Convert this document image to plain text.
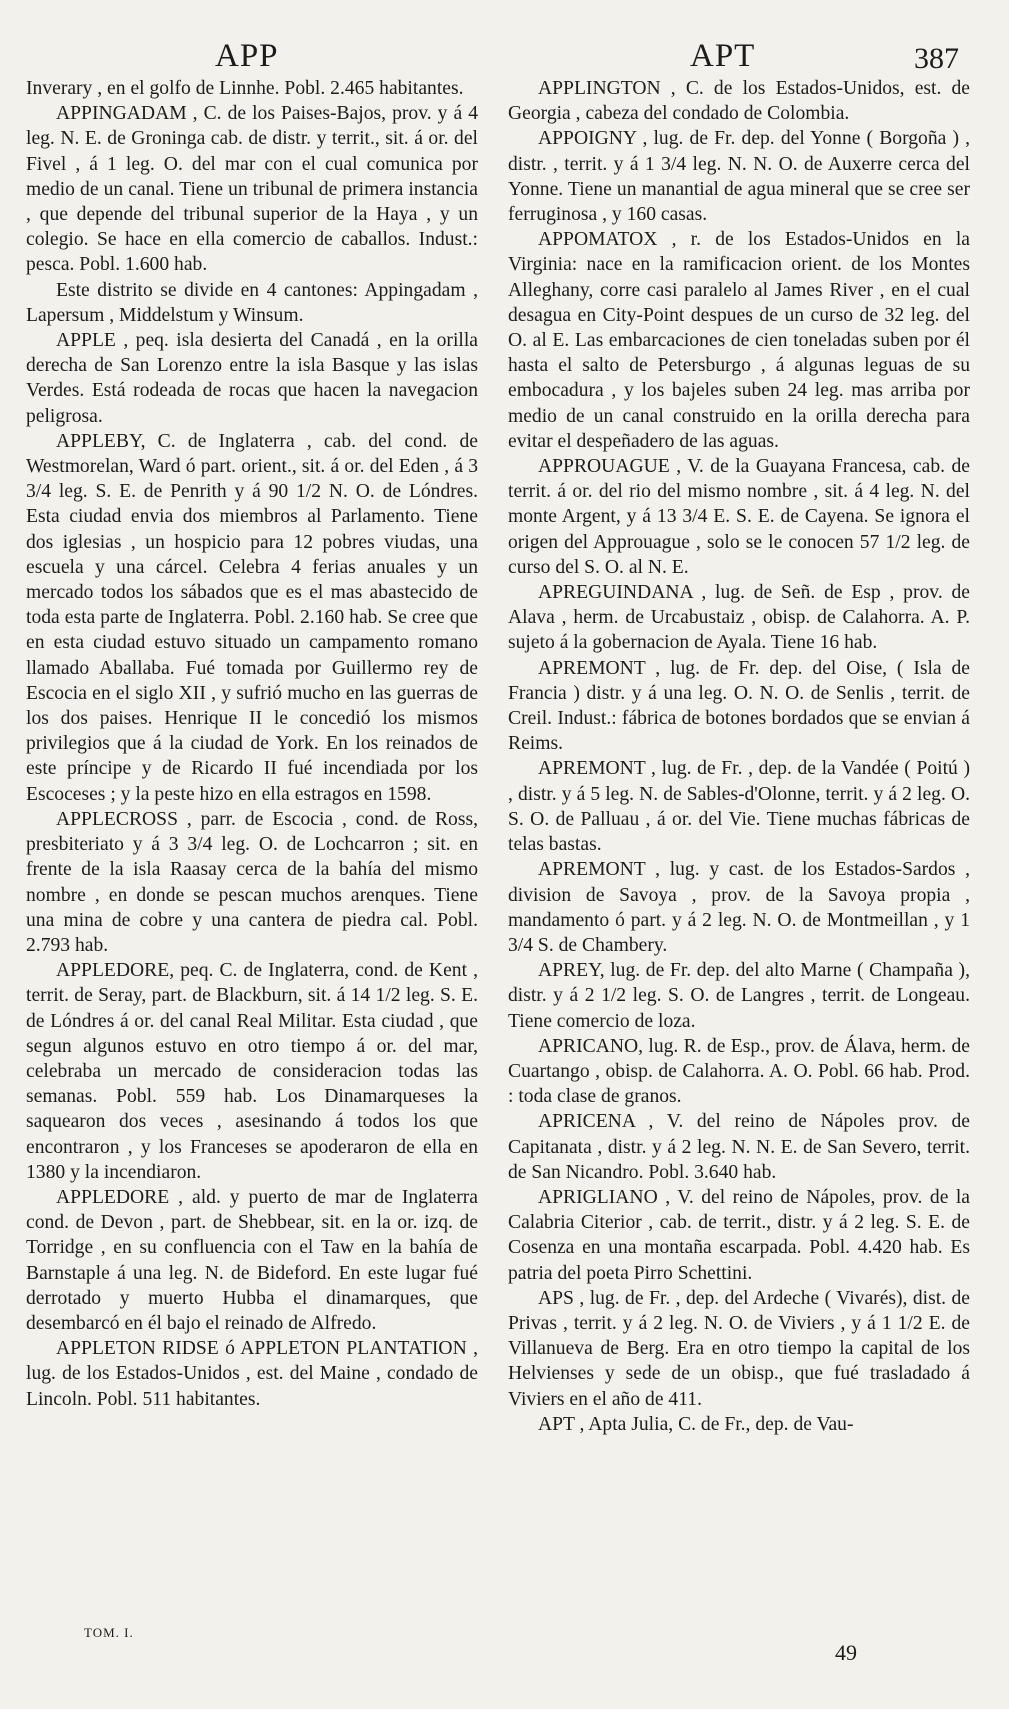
APP	APT	387

Inverary , en el golfo de Linnhe. Pobl. 2.465 habitantes.

APPINGADAM , C. de los Paises-Bajos, prov. y á 4 leg. N. E. de Groninga cab. de distr. y territ., sit. á or. del Fivel , á 1 leg. O. del mar con el cual comunica por medio de un canal. Tiene un tribunal de primera instancia , que depende del tribunal superior de la Haya , y un colegio. Se hace en ella comercio de caballos. Indust.: pesca. Pobl. 1.600 hab.

Este distrito se divide en 4 cantones: Appingadam , Lapersum , Middelstum y Winsum.

APPLE , peq. isla desierta del Canadá , en la orilla derecha de San Lorenzo entre la isla Basque y las islas Verdes. Está rodeada de rocas que hacen la navegacion peligrosa.

APPLEBY, C. de Inglaterra , cab. del cond. de Westmorelan, Ward ó part. orient., sit. á or. del Eden , á 3 3/4 leg. S. E. de Penrith y á 90 1/2 N. O. de Lóndres. Esta ciudad envia dos miembros al Parlamento. Tiene dos iglesias , un hospicio para 12 pobres viudas, una escuela y una cárcel. Celebra 4 ferias anuales y un mercado todos los sábados que es el mas abastecido de toda esta parte de Inglaterra. Pobl. 2.160 hab. Se cree que en esta ciudad estuvo situado un campamento romano llamado Aballaba. Fué tomada por Guillermo rey de Escocia en el siglo XII , y sufrió mucho en las guerras de los dos paises. Henrique II le concedió los mismos privilegios que á la ciudad de York. En los reinados de este príncipe y de Ricardo II fué incendiada por los Escoceses ; y la peste hizo en ella estragos en 1598.

APPLECROSS , parr. de Escocia , cond. de Ross, presbiteriato y á 3 3/4 leg. O. de Lochcarron ; sit. en frente de la isla Raasay cerca de la bahía del mismo nombre , en donde se pescan muchos arenques. Tiene una mina de cobre y una cantera de piedra cal. Pobl. 2.793 hab.

APPLEDORE, peq. C. de Inglaterra, cond. de Kent , territ. de Seray, part. de Blackburn, sit. á 14 1/2 leg. S. E. de Lóndres á or. del canal Real Militar. Esta ciudad , que segun algunos estuvo en otro tiempo á or. del mar, celebraba un mercado de consideracion todas las semanas. Pobl. 559 hab. Los Dinamarqueses la saquearon dos veces , asesinando á todos los que encontraron , y los Franceses se apoderaron de ella en 1380 y la incendiaron.

APPLEDORE , ald. y puerto de mar de Inglaterra cond. de Devon , part. de Shebbear, sit. en la or. izq. de Torridge , en su confluencia con el Taw en la bahía de Barnstaple á una leg. N. de Bideford. En este lugar fué derrotado y muerto Hubba el dinamarques, que desembarcó en él bajo el reinado de Alfredo.

APPLETON RIDSE ó APPLETON PLANTATION , lug. de los Estados-Unidos , est. del Maine , condado de Lincoln. Pobl. 511 habitantes.

APPLINGTON , C. de los Estados-Unidos, est. de Georgia , cabeza del condado de Colombia.

APPOIGNY , lug. de Fr. dep. del Yonne ( Borgoña ) , distr. , territ. y á 1 3/4 leg. N. N. O. de Auxerre cerca del Yonne. Tiene un manantial de agua mineral que se cree ser ferruginosa , y 160 casas.

APPOMATOX , r. de los Estados-Unidos en la Virginia: nace en la ramificacion orient. de los Montes Alleghany, corre casi paralelo al James River , en el cual desagua en City-Point despues de un curso de 32 leg. del O. al E. Las embarcaciones de cien toneladas suben por él hasta el salto de Petersburgo , á algunas leguas de su embocadura , y los bajeles suben 24 leg. mas arriba por medio de un canal construido en la orilla derecha para evitar el despeñadero de las aguas.

APPROUAGUE , V. de la Guayana Francesa, cab. de territ. á or. del rio del mismo nombre , sit. á 4 leg. N. del monte Argent, y á 13 3/4 E. S. E. de Cayena. Se ignora el origen del Approuague , solo se le conocen 57 1/2 leg. de curso del S. O. al N. E.

APREGUINDANA , lug. de Señ. de Esp , prov. de Alava , herm. de Urcabustaiz , obisp. de Calahorra. A. P. sujeto á la gobernacion de Ayala. Tiene 16 hab.

APREMONT , lug. de Fr. dep. del Oise, ( Isla de Francia ) distr. y á una leg. O. N. O. de Senlis , territ. de Creil. Indust.: fábrica de botones bordados que se envian á Reims.

APREMONT , lug. de Fr. , dep. de la Vandée ( Poitú ) , distr. y á 5 leg. N. de Sables-d'Olonne, territ. y á 2 leg. O. S. O. de Palluau , á or. del Vie. Tiene muchas fábricas de telas bastas.

APREMONT , lug. y cast. de los Estados-Sardos , division de Savoya , prov. de la Savoya propia , mandamento ó part. y á 2 leg. N. O. de Montmeillan , y 1 3/4 S. de Chambery.

APREY, lug. de Fr. dep. del alto Marne ( Champaña ), distr. y á 2 1/2 leg. S. O. de Langres , territ. de Longeau. Tiene comercio de loza.

APRICANO, lug. R. de Esp., prov. de Álava, herm. de Cuartango , obisp. de Calahorra. A. O. Pobl. 66 hab. Prod. : toda clase de granos.

APRICENA , V. del reino de Nápoles prov. de Capitanata , distr. y á 2 leg. N. N. E. de San Severo, territ. de San Nicandro. Pobl. 3.640 hab.

APRIGLIANO , V. del reino de Nápoles, prov. de la Calabria Citerior , cab. de territ., distr. y á 2 leg. S. E. de Cosenza en una montaña escarpada. Pobl. 4.420 hab. Es patria del poeta Pirro Schettini.

APS , lug. de Fr. , dep. del Ardeche ( Vivarés), dist. de Privas , territ. y á 2 leg. N. O. de Viviers , y á 1 1/2 E. de Villanueva de Berg. Era en otro tiempo la capital de los Helvienses y sede de un obisp., que fué trasladado á Viviers en el año de 411.

APT , Apta Julia, C. de Fr., dep. de Vau-

TOM. I.
49
